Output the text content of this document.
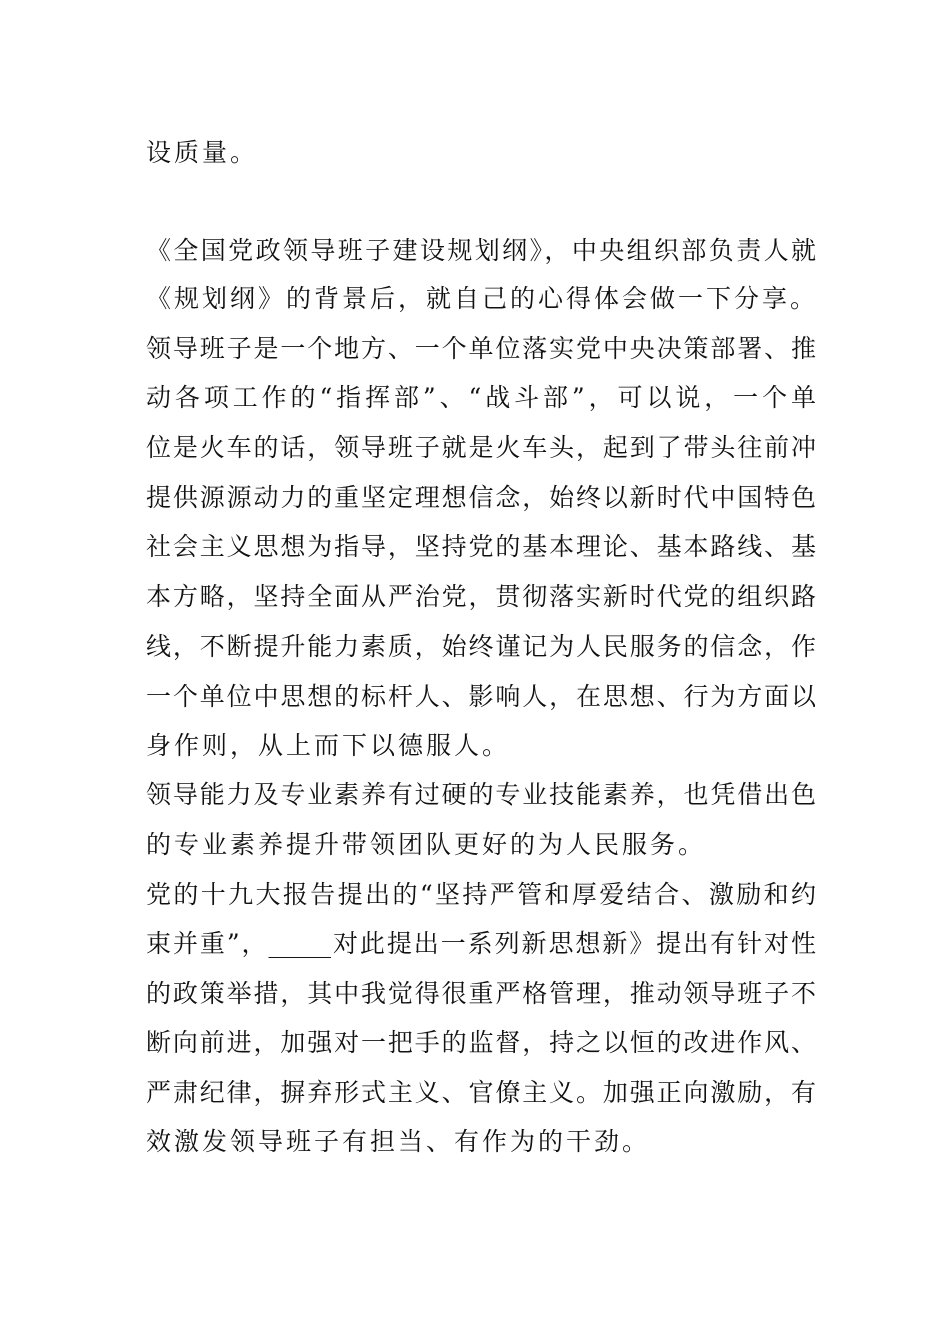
设质量。
《全国党政领导班子建设规划纲》，中央组织部负责人就
《规划纲》的背景后，就自己的心得体会做一下分享。
领导班子是一个地方、一个单位落实党中央决策部署、推
动各项工作的“指挥部”、“战斗部”，可以说，一个单
位是火车的话，领导班子就是火车头，起到了带头往前冲
提供源源动力的重坚定理想信念，始终以新时代中国特色
社会主义思想为指导，坚持党的基本理论、基本路线、基
本方略，坚持全面从严治党，贯彻落实新时代党的组织路
线，不断提升能力素质，始终谨记为人民服务的信念，作
一个单位中思想的标杆人、影响人，在思想、行为方面以
身作则，从上而下以德服人。
领导能力及专业素养有过硬的专业技能素养，也凭借出色
的专业素养提升带领团队更好的为人民服务。
党的十九大报告提出的“坚持严管和厚爱结合、激励和约
束并重”，_____对此提出一系列新思想新》提出有针对性
的政策举措，其中我觉得很重严格管理，推动领导班子不
断向前进，加强对一把手的监督，持之以恒的改进作风、
严肃纪律，摒弃形式主义、官僚主义。加强正向激励，有
效激发领导班子有担当、有作为的干劲。
